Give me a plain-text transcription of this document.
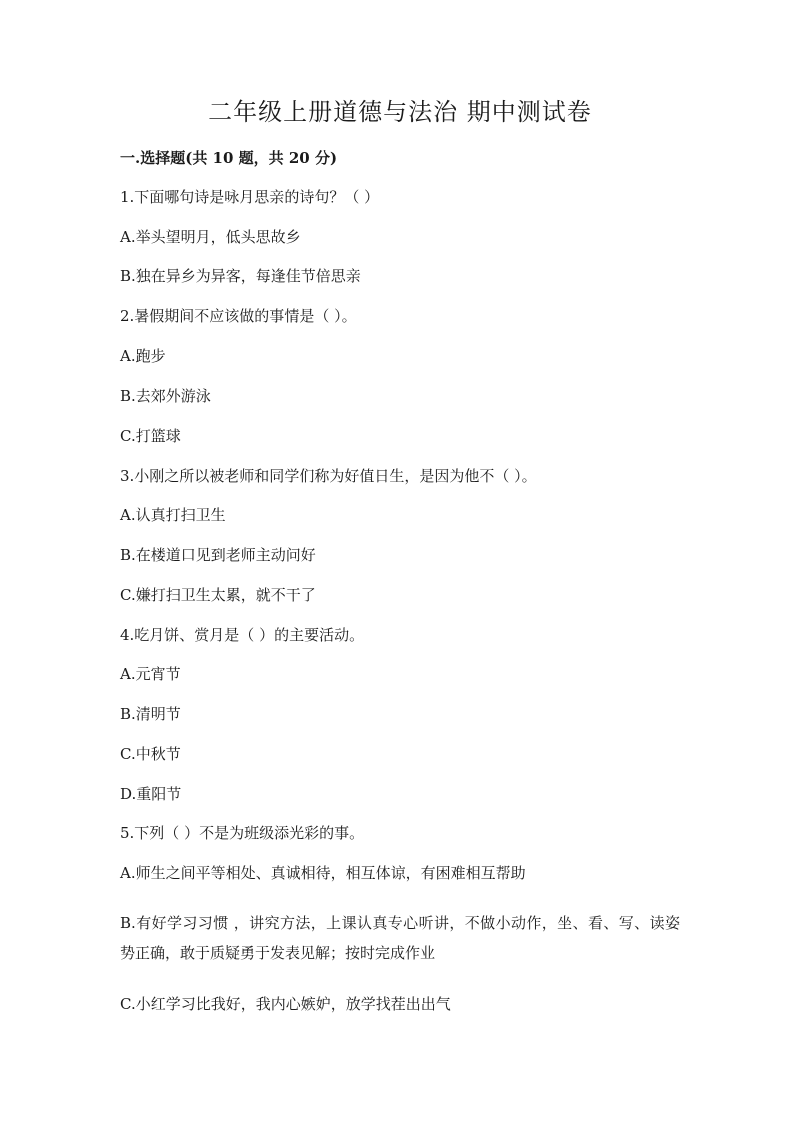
二年级上册道德与法治 期中测试卷
一.选择题(共 10 题，共 20 分)
1.下面哪句诗是咏月思亲的诗句？（ ）
A.举头望明月，低头思故乡
B.独在异乡为异客，每逢佳节倍思亲
2.暑假期间不应该做的事情是（ ）。
A.跑步
B.去郊外游泳
C.打篮球
3.小刚之所以被老师和同学们称为好值日生，是因为他不（ ）。
A.认真打扫卫生
B.在楼道口见到老师主动问好
C.嫌打扫卫生太累，就不干了
4.吃月饼、赏月是（ ）的主要活动。
A.元宵节
B.清明节
C.中秋节
D.重阳节
5.下列（ ）不是为班级添光彩的事。
A.师生之间平等相处、真诚相待，相互体谅，有困难相互帮助
B.有好学习习惯 ，讲究方法，上课认真专心听讲，不做小动作，坐、看、写、读姿势正确，敢于质疑勇于发表见解；按时完成作业
C.小红学习比我好，我内心嫉妒，放学找茬出出气
